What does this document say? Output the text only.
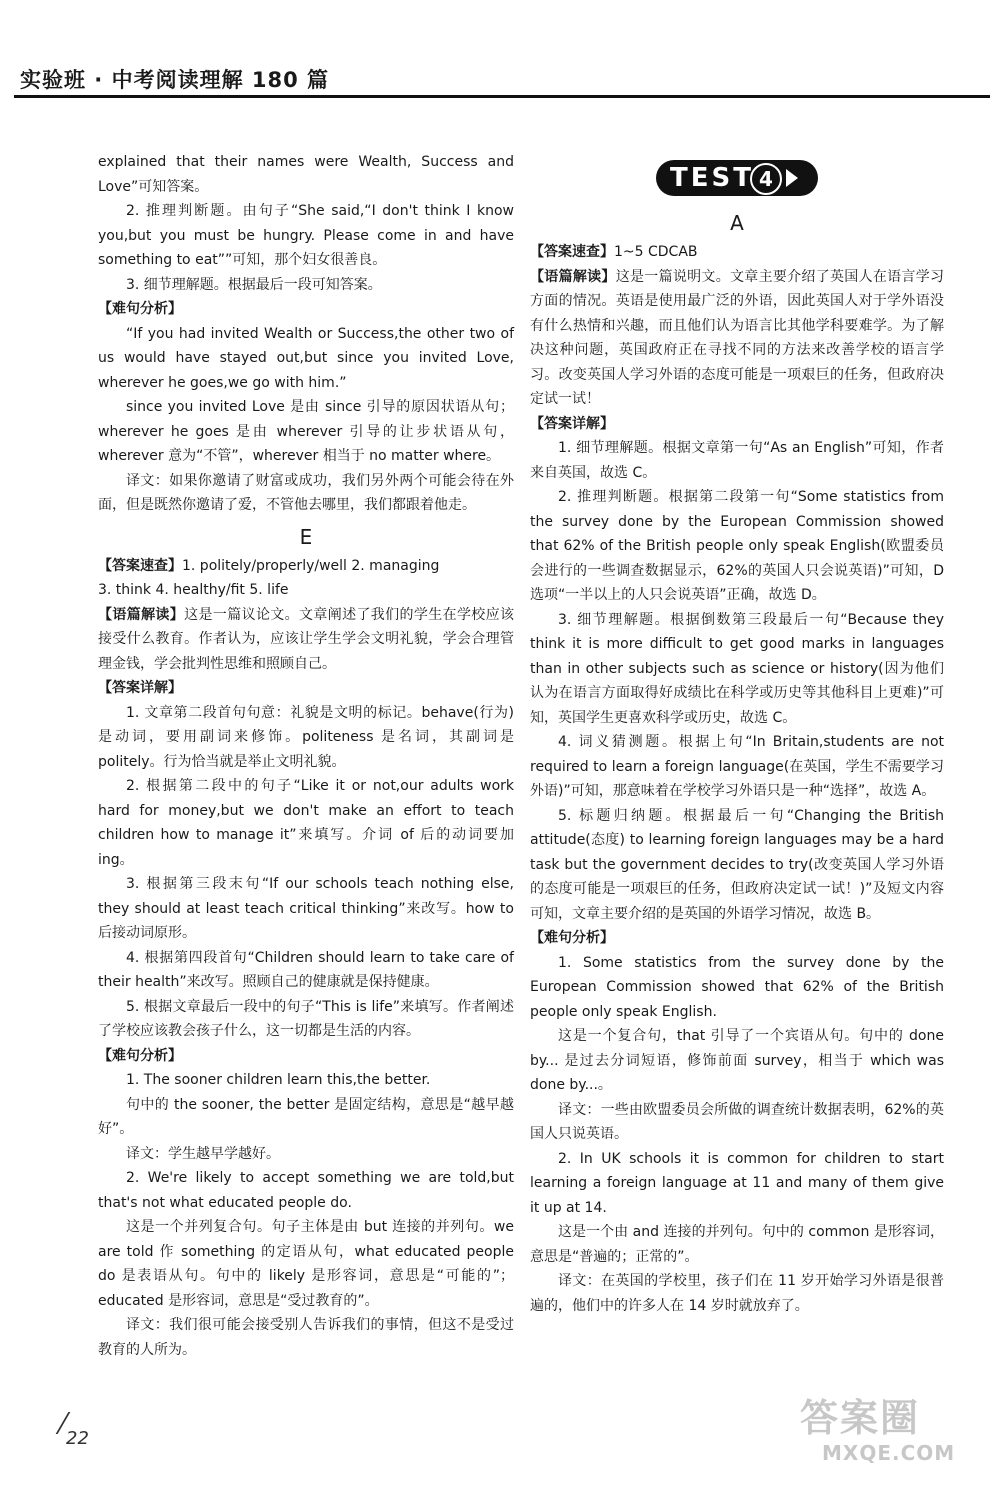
实验班 · 中考阅读理解 180 篇

explained that their names were Wealth, Success and Love”可知答案。

2. 推理判断题。由句子“She said,“I don't think I know you,but you must be hungry. Please come in and have something to eat””可知，那个妇女很善良。

3. 细节理解题。根据最后一段可知答案。

【难句分析】

“If you had invited Wealth or Success,the other two of us would have stayed out,but since you invited Love, wherever he goes,we go with him.”

since you invited Love 是由 since 引导的原因状语从句；wherever he goes 是由 wherever 引导的让步状语从句，wherever 意为“不管”，wherever 相当于 no matter where。

译文：如果你邀请了财富或成功，我们另外两个可能会待在外面，但是既然你邀请了爱，不管他去哪里，我们都跟着他走。

E

【答案速查】1. politely/properly/well 2. managing

3. think 4. healthy/fit 5. life

【语篇解读】这是一篇议论文。文章阐述了我们的学生在学校应该接受什么教育。作者认为，应该让学生学会文明礼貌，学会合理管理金钱，学会批判性思维和照顾自己。

【答案详解】

1. 文章第二段首句句意：礼貌是文明的标记。behave(行为)是动词，要用副词来修饰。politeness 是名词，其副词是 politely。行为恰当就是举止文明礼貌。

2. 根据第二段中的句子“Like it or not,our adults work hard for money,but we don't make an effort to teach children how to manage it”来填写。介词 of 后的动词要加 ing。

3. 根据第三段末句“If our schools teach nothing else, they should at least teach critical thinking”来改写。how to 后接动词原形。

4. 根据第四段首句“Children should learn to take care of their health”来改写。照顾自己的健康就是保持健康。

5. 根据文章最后一段中的句子“This is life”来填写。作者阐述了学校应该教会孩子什么，这一切都是生活的内容。

【难句分析】

1. The sooner children learn this,the better.

句中的 the sooner, the better 是固定结构，意思是“越早越好”。

译文：学生越早学越好。

2. We're likely to accept something we are told,but that's not what educated people do.

这是一个并列复合句。句子主体是由 but 连接的并列句。we are told 作 something 的定语从句，what educated people do 是表语从句。句中的 likely 是形容词，意思是“可能的”；educated 是形容词，意思是“受过教育的”。

译文：我们很可能会接受别人告诉我们的事情，但这不是受过教育的人所为。

TEST 4
A

【答案速查】1~5 CDCAB

【语篇解读】这是一篇说明文。文章主要介绍了英国人在语言学习方面的情况。英语是使用最广泛的外语，因此英国人对于学外语没有什么热情和兴趣，而且他们认为语言比其他学科要难学。为了解决这种问题，英国政府正在寻找不同的方法来改善学校的语言学习。改变英国人学习外语的态度可能是一项艰巨的任务，但政府决定试一试！

【答案详解】

1. 细节理解题。根据文章第一句“As an English”可知，作者来自英国，故选 C。

2. 推理判断题。根据第二段第一句“Some statistics from the survey done by the European Commission showed that 62% of the British people only speak English(欧盟委员会进行的一些调查数据显示，62%的英国人只会说英语)”可知，D 选项“一半以上的人只会说英语”正确，故选 D。

3. 细节理解题。根据倒数第三段最后一句“Because they think it is more difficult to get good marks in languages than in other subjects such as science or history(因为他们认为在语言方面取得好成绩比在科学或历史等其他科目上更难)”可知，英国学生更喜欢科学或历史，故选 C。

4. 词义猜测题。根据上句“In Britain,students are not required to learn a foreign language(在英国，学生不需要学习外语)”可知，那意味着在学校学习外语只是一种“选择”，故选 A。

5. 标题归纳题。根据最后一句“Changing the British attitude(态度) to learning foreign languages may be a hard task but the government decides to try(改变英国人学习外语的态度可能是一项艰巨的任务，但政府决定试一试！)”及短文内容可知，文章主要介绍的是英国的外语学习情况，故选 B。

【难句分析】

1. Some statistics from the survey done by the European Commission showed that 62% of the British people only speak English.

这是一个复合句，that 引导了一个宾语从句。句中的 done by... 是过去分词短语，修饰前面 survey，相当于 which was done by...。

译文：一些由欧盟委员会所做的调查统计数据表明，62%的英国人只说英语。

2. In UK schools it is common for children to start learning a foreign language at 11 and many of them give it up at 14.

这是一个由 and 连接的并列句。句中的 common 是形容词，意思是“普遍的；正常的”。

译文：在英国的学校里，孩子们在 11 岁开始学习外语是很普遍的，他们中的许多人在 14 岁时就放弃了。

22	答案圈
MXQE.COM
